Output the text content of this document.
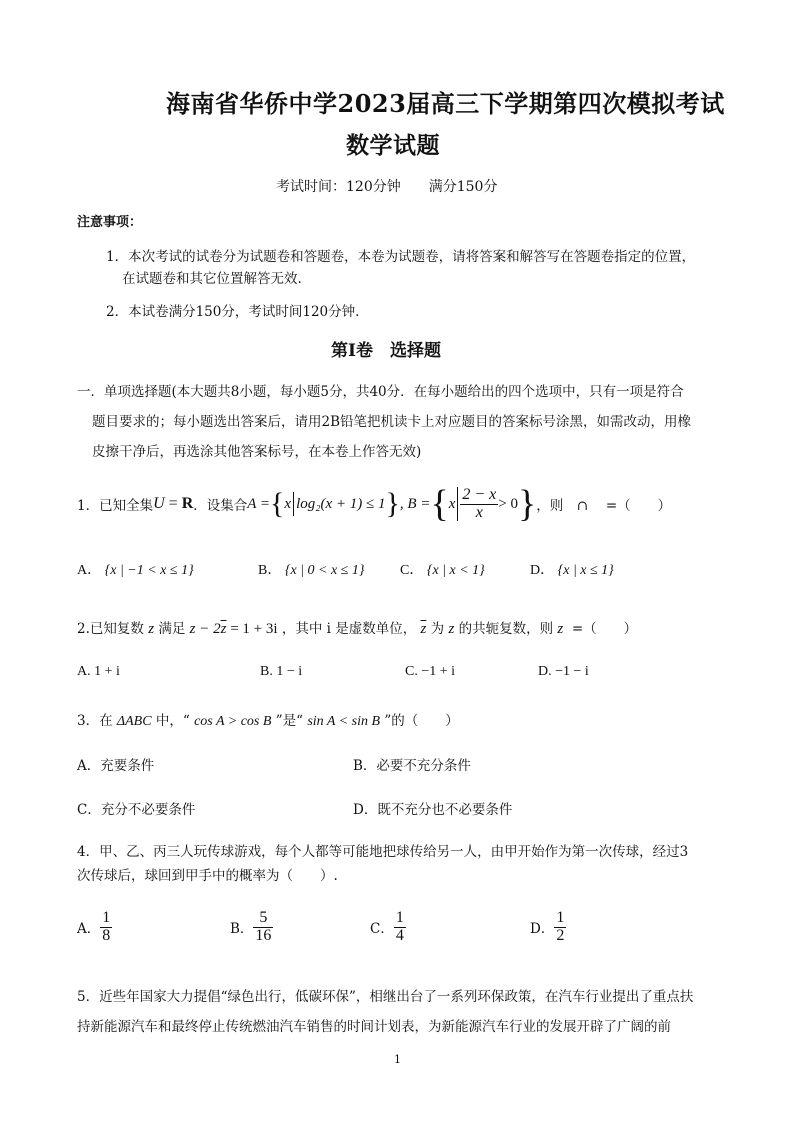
海南省华侨中学2023届高三下学期第四次模拟考试
数学试题
考试时间：120分钟　　满分150分
注意事项：
1．本次考试的试卷分为试题卷和答题卷，本卷为试题卷，请将答案和解答写在答题卷指定的位置，
在试题卷和其它位置解答无效.
2．本试卷满分150分，考试时间120分钟.
第Ⅰ卷　选择题
一．单项选择题(本大题共8小题，每小题5分，共40分．在每小题给出的四个选项中，只有一项是符合
题目要求的；每小题选出答案后，请用2B铅笔把机读卡上对应题目的答案标号涂黑，如需改动，用橡
皮擦干净后，再选涂其他答案标号，在本卷上作答无效)
1．已知全集 U = R ．设集合 A = { x log₂(x + 1) ≤ 1 } , B = { x $\frac{2 - x}{x} > 0$ } ，则　∩　 =（　　）
A． {x | −1 < x ≤ 1}	B． {x | 0 < x ≤ 1}	C． {x | x < 1}	D． {x | x ≤ 1}
2.已知复数 z 满足 $z - 2\overline{z} = 1 + 3i$ ，其中 i 是虚数单位， $\overline{z}$ 为 z 的共轭复数，则 z  =（　　）
A. 1 + i	B. 1 − i	C. −1 + i	D. −1 − i
3．在 ΔABC 中，“ cos A > cos B ”是“ sin A < sin B ”的（　　）
A．充要条件	B．必要不充分条件
C．充分不必要条件	D．既不充分也不必要条件
4．甲、乙、丙三人玩传球游戏，每个人都等可能地把球传给另一人，由甲开始作为第一次传球，经过3
次传球后，球回到甲手中的概率为（　　）.
A． $\frac{1}{8}$	B． $\frac{5}{16}$	C． $\frac{1}{4}$	D． $\frac{1}{2}$
5．近些年国家大力提倡“绿色出行，低碳环保”，相继出台了一系列环保政策，在汽车行业提出了重点扶
持新能源汽车和最终停止传统燃油汽车销售的时间计划表，为新能源汽车行业的发展开辟了广阔的前
1
